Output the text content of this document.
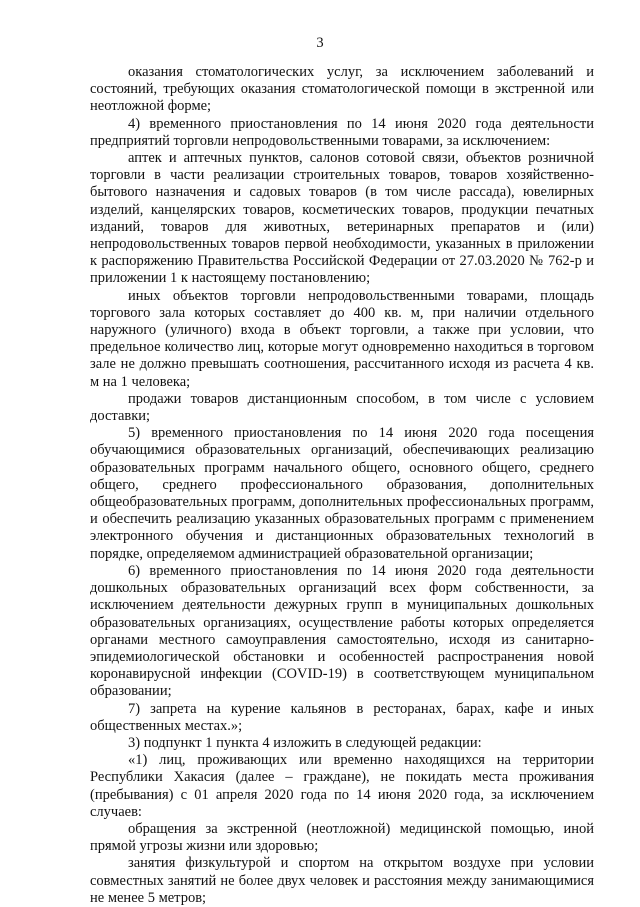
3

оказания стоматологических услуг, за исключением заболеваний и состояний, требующих оказания стоматологической помощи в экстренной или неотложной форме;

4) временного приостановления по 14 июня 2020 года деятельности предприятий торговли непродовольственными товарами, за исключением:

аптек и аптечных пунктов, салонов сотовой связи, объектов розничной торговли в части реализации строительных товаров, товаров хозяйственно-бытового назначения и садовых товаров (в том числе рассада), ювелирных изделий, канцелярских товаров, косметических товаров, продукции печатных изданий, товаров для животных, ветеринарных препаратов и (или) непродовольственных товаров первой необходимости, указанных в приложении к распоряжению Правительства Российской Федерации от 27.03.2020 № 762-р и приложении 1 к настоящему постановлению;

иных объектов торговли непродовольственными товарами, площадь торгового зала которых составляет до 400 кв. м, при наличии отдельного наружного (уличного) входа в объект торговли, а также при условии, что предельное количество лиц, которые могут одновременно находиться в торговом зале не должно превышать соотношения, рассчитанного исходя из расчета 4 кв. м на 1 человека;

продажи товаров дистанционным способом, в том числе с условием доставки;

5) временного приостановления по 14 июня 2020 года посещения обучающимися образовательных организаций, обеспечивающих реализацию образовательных программ начального общего, основного общего, среднего общего, среднего профессионального образования, дополнительных общеобразовательных программ, дополнительных профессиональных программ, и обеспечить реализацию указанных образовательных программ с применением электронного обучения и дистанционных образовательных технологий в порядке, определяемом администрацией образовательной организации;

6) временного приостановления по 14 июня 2020 года деятельности дошкольных образовательных организаций всех форм собственности, за исключением деятельности дежурных групп в муниципальных дошкольных образовательных организациях, осуществление работы которых определяется органами местного самоуправления самостоятельно, исходя из санитарно-эпидемиологической обстановки и особенностей распространения новой коронавирусной инфекции (COVID-19) в соответствующем муниципальном образовании;

7) запрета на курение кальянов в ресторанах, барах, кафе и иных общественных местах.»;

3) подпункт 1 пункта 4 изложить в следующей редакции:

«1) лиц, проживающих или временно находящихся на территории Республики Хакасия (далее – граждане), не покидать места проживания (пребывания) с 01 апреля 2020 года по 14 июня 2020 года, за исключением случаев:

обращения за экстренной (неотложной) медицинской помощью, иной прямой угрозы жизни или здоровью;

занятия физкультурой и спортом на открытом воздухе при условии совместных занятий не более двух человек и расстояния между занимающимися не менее 5 метров;
